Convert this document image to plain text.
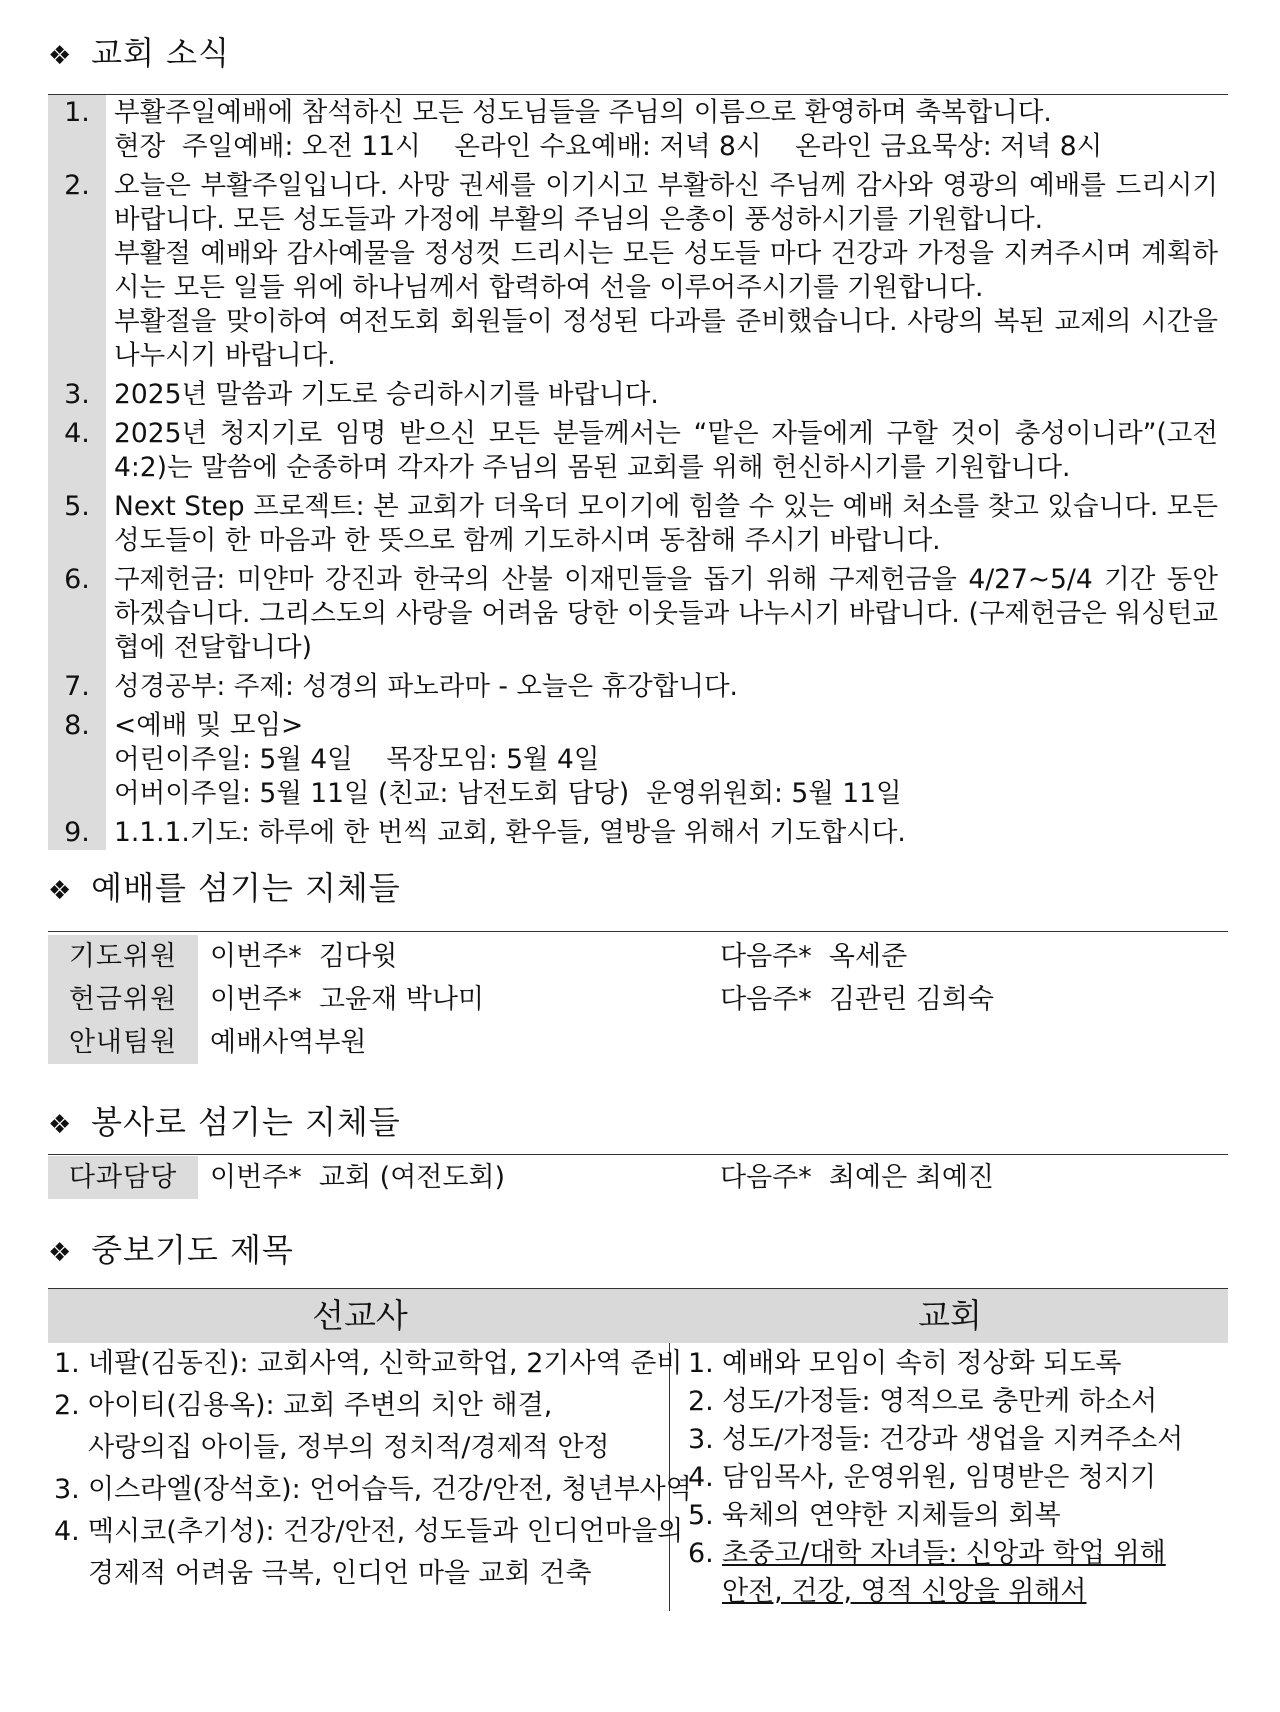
❖ 교회 소식
1. 부활주일예배에 참석하신 모든 성도님들을 주님의 이름으로 환영하며 축복합니다.
현장  주일예배: 오전 11시    온라인 수요예배: 저녁 8시    온라인 금요묵상: 저녁 8시
2. 오늘은 부활주일입니다. 사망 권세를 이기시고 부활하신 주님께 감사와 영광의 예배를 드리시기 바랍니다. 모든 성도들과 가정에 부활의 주님의 은총이 풍성하시기를 기원합니다.
부활절 예배와 감사예물을 정성껏 드리시는 모든 성도들 마다 건강과 가정을 지켜주시며 계획하시는 모든 일들 위에 하나님께서 합력하여 선을 이루어주시기를 기원합니다.
부활절을 맞이하여 여전도회 회원들이 정성된 다과를 준비했습니다. 사랑의 복된 교제의 시간을 나누시기 바랍니다.
3. 2025년 말씀과 기도로 승리하시기를 바랍니다.
4. 2025년 청지기로 임명 받으신 모든 분들께서는 “맡은 자들에게 구할 것이 충성이니라”(고전4:2)는 말씀에 순종하며 각자가 주님의 몸된 교회를 위해 헌신하시기를 기원합니다.
5. Next Step 프로젝트: 본 교회가 더욱더 모이기에 힘쓸 수 있는 예배 처소를 찾고 있습니다. 모든 성도들이 한 마음과 한 뜻으로 함께 기도하시며 동참해 주시기 바랍니다.
6. 구제헌금: 미얀마 강진과 한국의 산불 이재민들을 돕기 위해 구제헌금을 4/27~5/4 기간 동안 하겠습니다. 그리스도의 사랑을 어려움 당한 이웃들과 나누시기 바랍니다. (구제헌금은 워싱턴교협에 전달합니다)
7. 성경공부: 주제: 성경의 파노라마 - 오늘은 휴강합니다.
8. <예배 및 모임>
어린이주일: 5월 4일    목장모임: 5월 4일
어버이주일: 5월 11일 (친교: 남전도회 담당)  운영위원회: 5월 11일
9. 1.1.1.기도: 하루에 한 번씩 교회, 환우들, 열방을 위해서 기도합시다.
❖ 예배를 섬기는 지체들
기도위원	이번주*  김다윗	다음주*  옥세준
헌금위원	이번주*  고윤재 박나미	다음주*  김관린 김희숙
안내팀원	예배사역부원
❖ 봉사로 섬기는 지체들
다과담당	이번주*  교회 (여전도회)	다음주*  최예은 최예진
❖ 중보기도 제목
선교사	교회
1. 네팔(김동진): 교회사역, 신학교학업, 2기사역 준비
2. 아이티(김용옥): 교회 주변의 치안 해결,
사랑의집 아이들, 정부의 정치적/경제적 안정
3. 이스라엘(장석호): 언어습득, 건강/안전, 청년부사역
4. 멕시코(추기성): 건강/안전, 성도들과 인디언마을의
경제적 어려움 극복, 인디언 마을 교회 건축
1. 예배와 모임이 속히 정상화 되도록
2. 성도/가정들: 영적으로 충만케 하소서
3. 성도/가정들: 건강과 생업을 지켜주소서
4. 담임목사, 운영위원, 임명받은 청지기
5. 육체의 연약한 지체들의 회복
6. 초중고/대학 자녀들: 신앙과 학업 위해
안전, 건강, 영적 신앙을 위해서
